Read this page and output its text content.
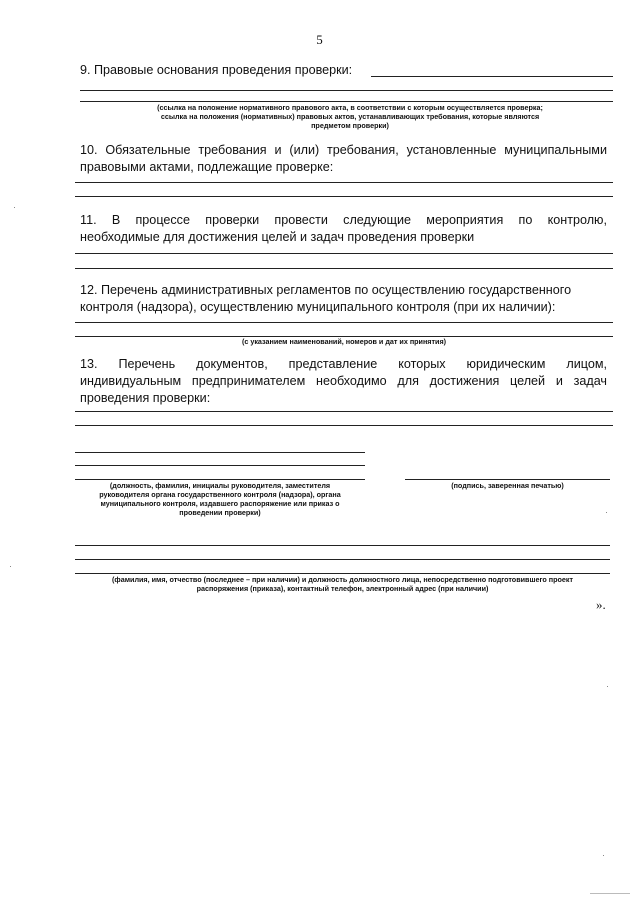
5
9. Правовые основания проведения проверки:
(ссылка на положение нормативного правового акта, в соответствии с которым осуществляется проверка;
ссылка на положения (нормативных) правовых актов, устанавливающих требования, которые являются
предметом проверки)
10. Обязательные требования и (или) требования, установленные муниципальными
правовыми актами, подлежащие проверке:
11. В процессе проверки провести следующие мероприятия по контролю,
необходимые для достижения целей и задач проведения проверки
12. Перечень административных регламентов по осуществлению государственного
контроля (надзора), осуществлению муниципального контроля (при их наличии):
(с указанием наименований, номеров и дат их принятия)
13. Перечень документов, представление которых юридическим лицом,
индивидуальным предпринимателем необходимо для достижения целей и задач
проведения проверки:
(должность, фамилия, инициалы руководителя, заместителя
руководителя органа государственного контроля (надзора), органа
муниципального контроля, издавшего распоряжение или приказ о
проведении проверки)
(подпись, заверенная печатью)
(фамилия, имя, отчество (последнее – при наличии) и должность должностного лица, непосредственно подготовившего проект
распоряжения (приказа), контактный телефон, электронный адрес (при наличии)
».
